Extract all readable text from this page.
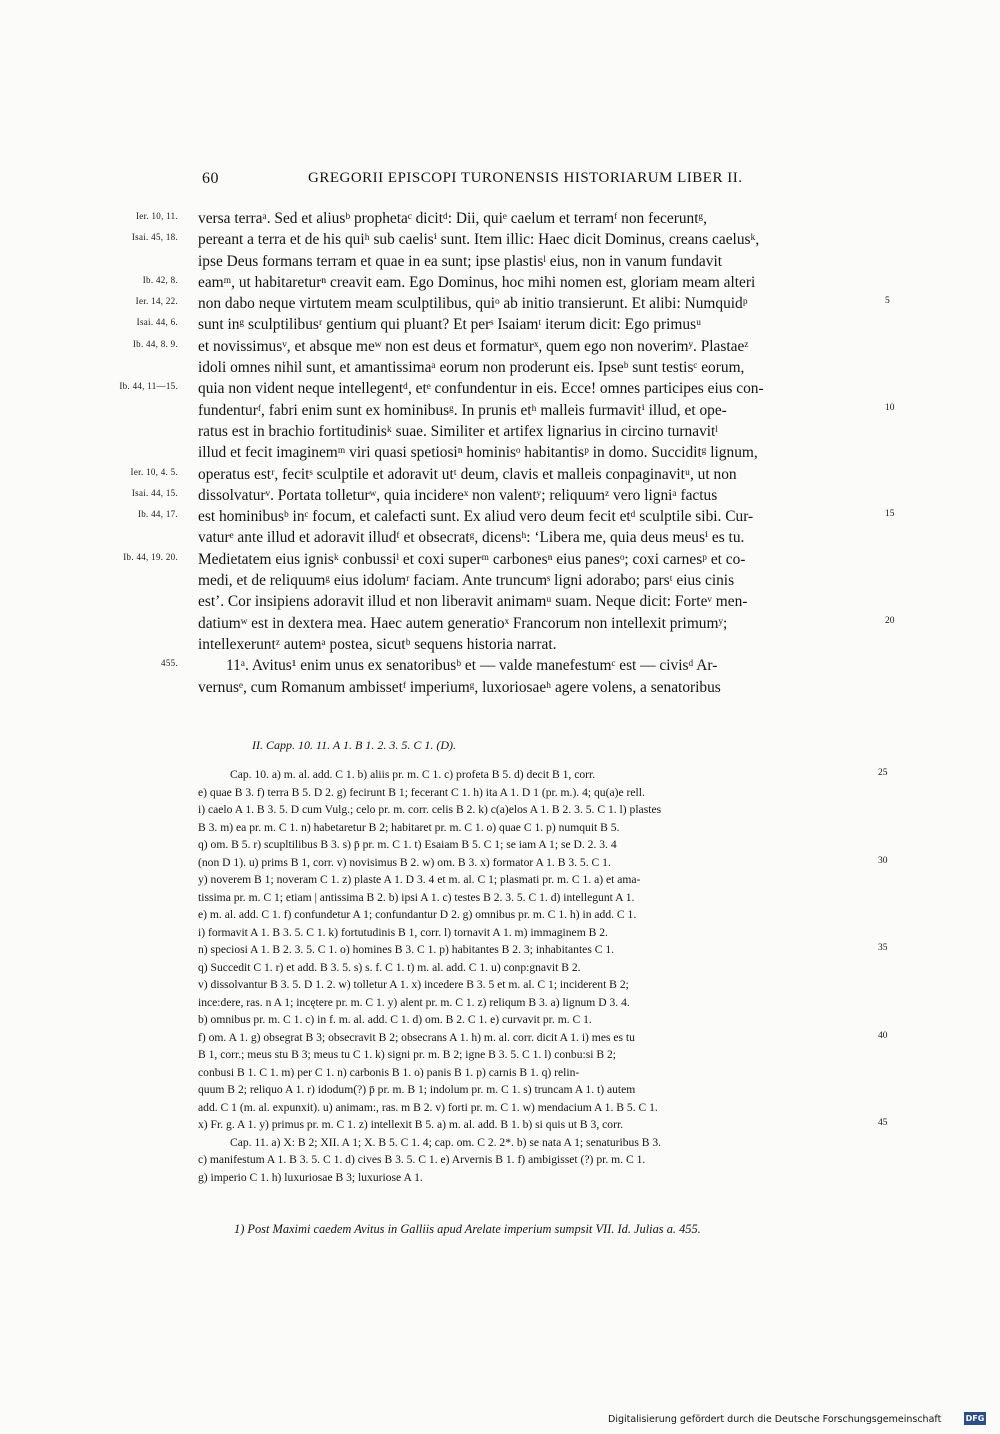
60	GREGORII EPISCOPI TURONENSIS HISTORIARUM LIBER II.
Ier. 10, 11. versa terraᵃ. Sed et aliusᵇ prophetaᶜ dicitᵈ: Dii, quiᵉ caelum et terramᶠ non feceruntᵍ,
Isai. 45, 18. pereant a terra et de his quiʰ sub caelisⁱ sunt. Item illic: Haec dicit Dominus, creans caelusᵏ,
ipse Deus formans terram et quae in ea sunt; ipse plastisˡ eius, non in vanum fundavit
Ib. 42, 8. eamᵐ, ut habitareturⁿ creavit eam. Ego Dominus, hoc mihi nomen est, gloriam meam alteri
Ier. 14, 22. non dabo neque virtutem meam sculptilibus, quiᵒ ab initio transierunt. Et alibi: Numquidᵖ	5
Isai. 44, 6. sunt inᵍ sculptilibusʳ gentium qui pluant? Et perˢ Isaiamᵗ iterum dicit: Ego primusᵘ
Ib. 44, 8. 9. et novissimusᵛ, et absque meʷ non est deus et formaturˣ, quem ego non noverimʸ. Plastaeᶻ
idoli omnes nihil sunt, et amantissimaᵃ eorum non proderunt eis. Ipseᵇ sunt testisᶜ eorum,
Ib. 44, 11—15. quia non vident neque intellegentᵈ, etᵉ confundentur in eis. Ecce! omnes participes eius con-
fundenturᶠ, fabri enim sunt ex hominibusᵍ. In prunis etʰ malleis furmavitⁱ illud, et ope-	10
ratus est in brachio fortitudinisᵏ suae. Similiter et artifex lignarius in circino turnavitˡ
illud et fecit imaginemᵐ viri quasi spetiosiⁿ hominisᵒ habitantisᵖ in domo. Succiditᵍ lignum,
Ier. 10, 4. 5. operatus estʳ, fecitˢ sculptile et adoravit utᵗ deum, clavis et malleis conpaginavitᵘ, ut non
Isai. 44, 15. dissolvaturᵛ. Portata tolleturʷ, quia incidereˣ non valentʸ; reliquumᶻ vero ligniᵃ factus
Ib. 44, 17. est hominibusᵇ inᶜ focum, et calefacti sunt. Ex aliud vero deum fecit etᵈ sculptile sibi. Cur-	15
vaturᵉ ante illud et adoravit illudᶠ et obsecratᵍ, dicensʰ: ‘Libera me, quia deus meusⁱ es tu.
Ib. 44, 19. 20. Medietatem eius ignisᵏ conbussiˡ et coxi superᵐ carbonesⁿ eius panesᵒ; coxi carnesᵖ et co-
medi, et de reliquumᵍ eius idolumʳ faciam. Ante truncumˢ ligni adorabo; parsᵗ eius cinis
est’. Cor insipiens adoravit illud et non liberavit animamᵘ suam. Neque dicit: Forteᵛ men-
datiumʷ est in dextera mea. Haec autem generatioˣ Francorum non intellexit primumʸ;	20
intellexeruntᶻ autemᵃ postea, sicutᵇ sequens historia narrat.
455.	11ᵃ. Avitus¹ enim unus ex senatoribusᵇ et — valde manefestumᶜ est — civisᵈ Ar-
vernusᵉ, cum Romanum ambissetᶠ imperiumᵍ, luxoriosaeʰ agere volens, a senatoribus
II. Capp. 10. 11. A 1. B 1. 2. 3. 5. C 1. (D).
Cap. 10. a) m. al. add. C 1. b) aliis pr. m. C 1. c) profeta B 5. d) decit B 1, corr.	25
e) quae B 3. f) terra B 5. D 2. g) fecirunt B 1; fecerant C 1. h) ita A 1. D 1 (pr. m.). 4; qu(a)e rell.
i) caelo A 1. B 3. 5. D cum Vulg.; celo pr. m. corr. celis B 2. k) c(a)elos A 1. B 2. 3. 5. C 1. l) plastes
B 3. m) ea pr. m. C 1. n) habetaretur B 2; habitaret pr. m. C 1. o) quae C 1. p) numquit B 5.
q) om. B 5. r) scupltilibus B 3. s) p̄ pr. m. C 1. t) Esaiam B 5. C 1; se iam A 1; se D. 2. 3. 4
(non D 1). u) prims B 1, corr. v) novisimus B 2. w) om. B 3. x) formator A 1. B 3. 5. C 1.	30
y) noverem B 1; noveram C 1. z) plaste A 1. D 3. 4 et m. al. C 1; plasmati pr. m. C 1. a) et ama-
tissima pr. m. C 1; etiam | antissima B 2. b) ipsi A 1. c) testes B 2. 3. 5. C 1. d) intellegunt A 1.
e) m. al. add. C 1. f) confundetur A 1; confundantur D 2. g) omnibus pr. m. C 1. h) in add. C 1.
i) formavit A 1. B 3. 5. C 1. k) fortutudinis B 1, corr. l) tornavit A 1. m) immaginem B 2.
n) speciosi A 1. B 2. 3. 5. C 1. o) homines B 3. C 1. p) habitantes B 2. 3; inhabitantes C 1.	35
q) Succedit C 1. r) et add. B 3. 5. s) s. f. C 1. t) m. al. add. C 1. u) conp:gnavit B 2.
v) dissolvantur B 3. 5. D 1. 2. w) tolletur A 1. x) incedere B 3. 5 et m. al. C 1; inciderent B 2;
ince:dere, ras. n A 1; incętere pr. m. C 1. y) alent pr. m. C 1. z) reliqum B 3. a) lignum D 3. 4.
b) omnibus pr. m. C 1. c) in f. m. al. add. C 1. d) om. B 2. C 1. e) curvavit pr. m. C 1.
f) om. A 1. g) obsegrat B 3; obsecravit B 2; obsecrans A 1. h) m. al. corr. dicit A 1. i) mes es tu	40
B 1, corr.; meus stu B 3; meus tu C 1. k) signi pr. m. B 2; igne B 3. 5. C 1. l) conbu:si B 2;
conbusi B 1. C 1. m) per C 1. n) carbonis B 1. o) panis B 1. p) carnis B 1. q) relin-
quum B 2; reliquo A 1. r) idodum(?) p̄ pr. m. B 1; indolum pr. m. C 1. s) truncam A 1. t) autem
add. C 1 (m. al. expunxit). u) animam:, ras. m B 2. v) forti pr. m. C 1. w) mendacium A 1. B 5. C 1.
x) Fr. g. A 1. y) primus pr. m. C 1. z) intellexit B 5. a) m. al. add. B 1. b) si quis ut B 3, corr.	45
Cap. 11. a) X: B 2; XII. A 1; X. B 5. C 1. 4; cap. om. C 2. 2*. b) se nata A 1; senaturibus B 3.
c) manifestum A 1. B 3. 5. C 1. d) cives B 3. 5. C 1. e) Arvernis B 1. f) ambigisset (?) pr. m. C 1.
g) imperio C 1. h) luxuriosae B 3; luxuriose A 1.
1) Post Maximi caedem Avitus in Galliis apud Arelate imperium sumpsit VII. Id. Julias a. 455.
Digitalisierung gefördert durch die Deutsche Forschungsgemeinschaft	DFG
